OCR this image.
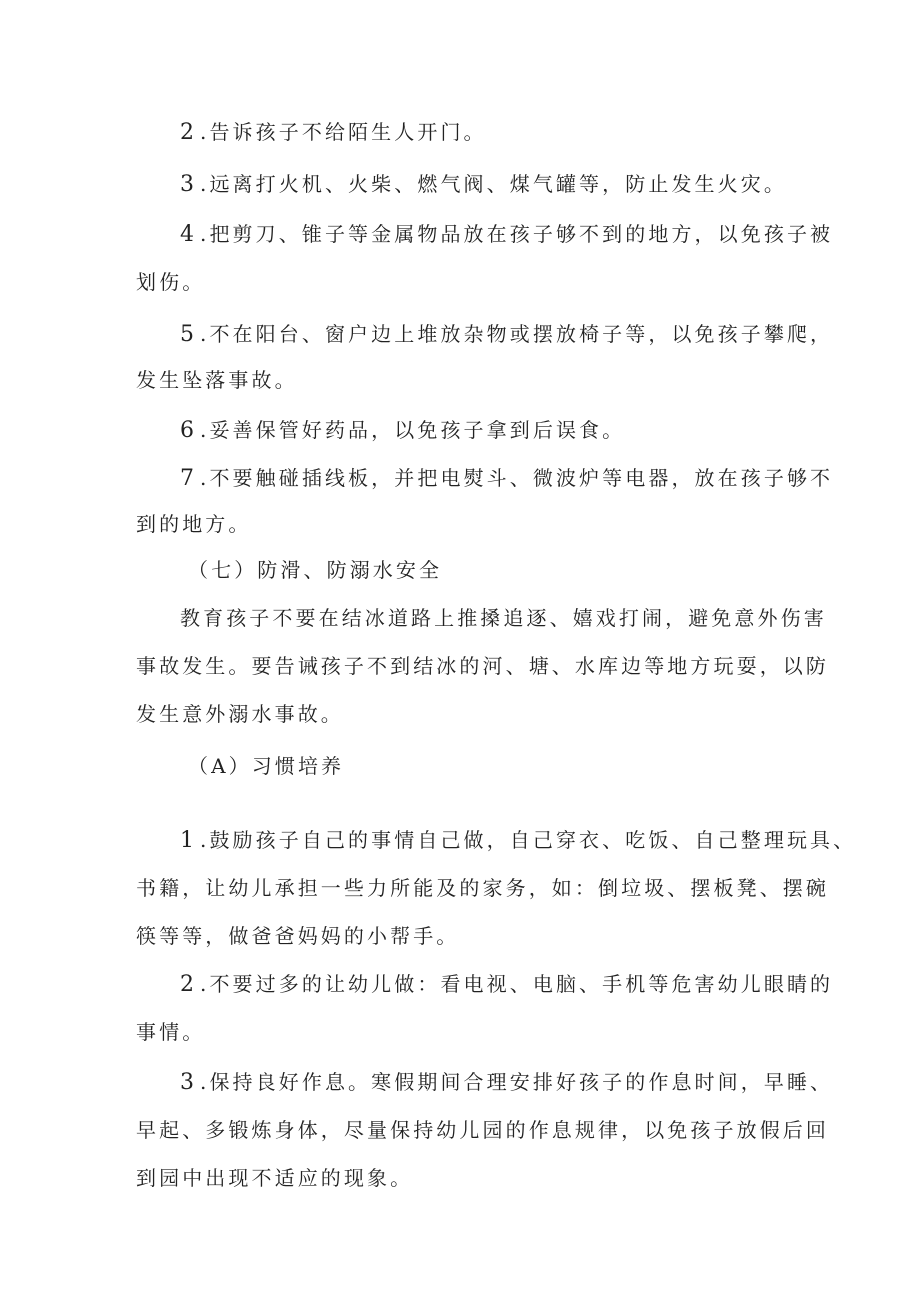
2.告诉孩子不给陌生人开门。
3.远离打火机、火柴、燃气阀、煤气罐等，防止发生火灾。
4.把剪刀、锥子等金属物品放在孩子够不到的地方，以免孩子被
划伤。
5.不在阳台、窗户边上堆放杂物或摆放椅子等，以免孩子攀爬，
发生坠落事故。
6.妥善保管好药品，以免孩子拿到后误食。
7.不要触碰插线板，并把电熨斗、微波炉等电器，放在孩子够不
到的地方。
（七）防滑、防溺水安全
教育孩子不要在结冰道路上推搡追逐、嬉戏打闹，避免意外伤害
事故发生。要告诫孩子不到结冰的河、塘、水库边等地方玩耍，以防
发生意外溺水事故。
（A）习惯培养
1.鼓励孩子自己的事情自己做，自己穿衣、吃饭、自己整理玩具、
书籍，让幼儿承担一些力所能及的家务，如：倒垃圾、摆板凳、摆碗
筷等等，做爸爸妈妈的小帮手。
2.不要过多的让幼儿做：看电视、电脑、手机等危害幼儿眼睛的
事情。
3.保持良好作息。寒假期间合理安排好孩子的作息时间，早睡、
早起、多锻炼身体，尽量保持幼儿园的作息规律，以免孩子放假后回
到园中出现不适应的现象。
